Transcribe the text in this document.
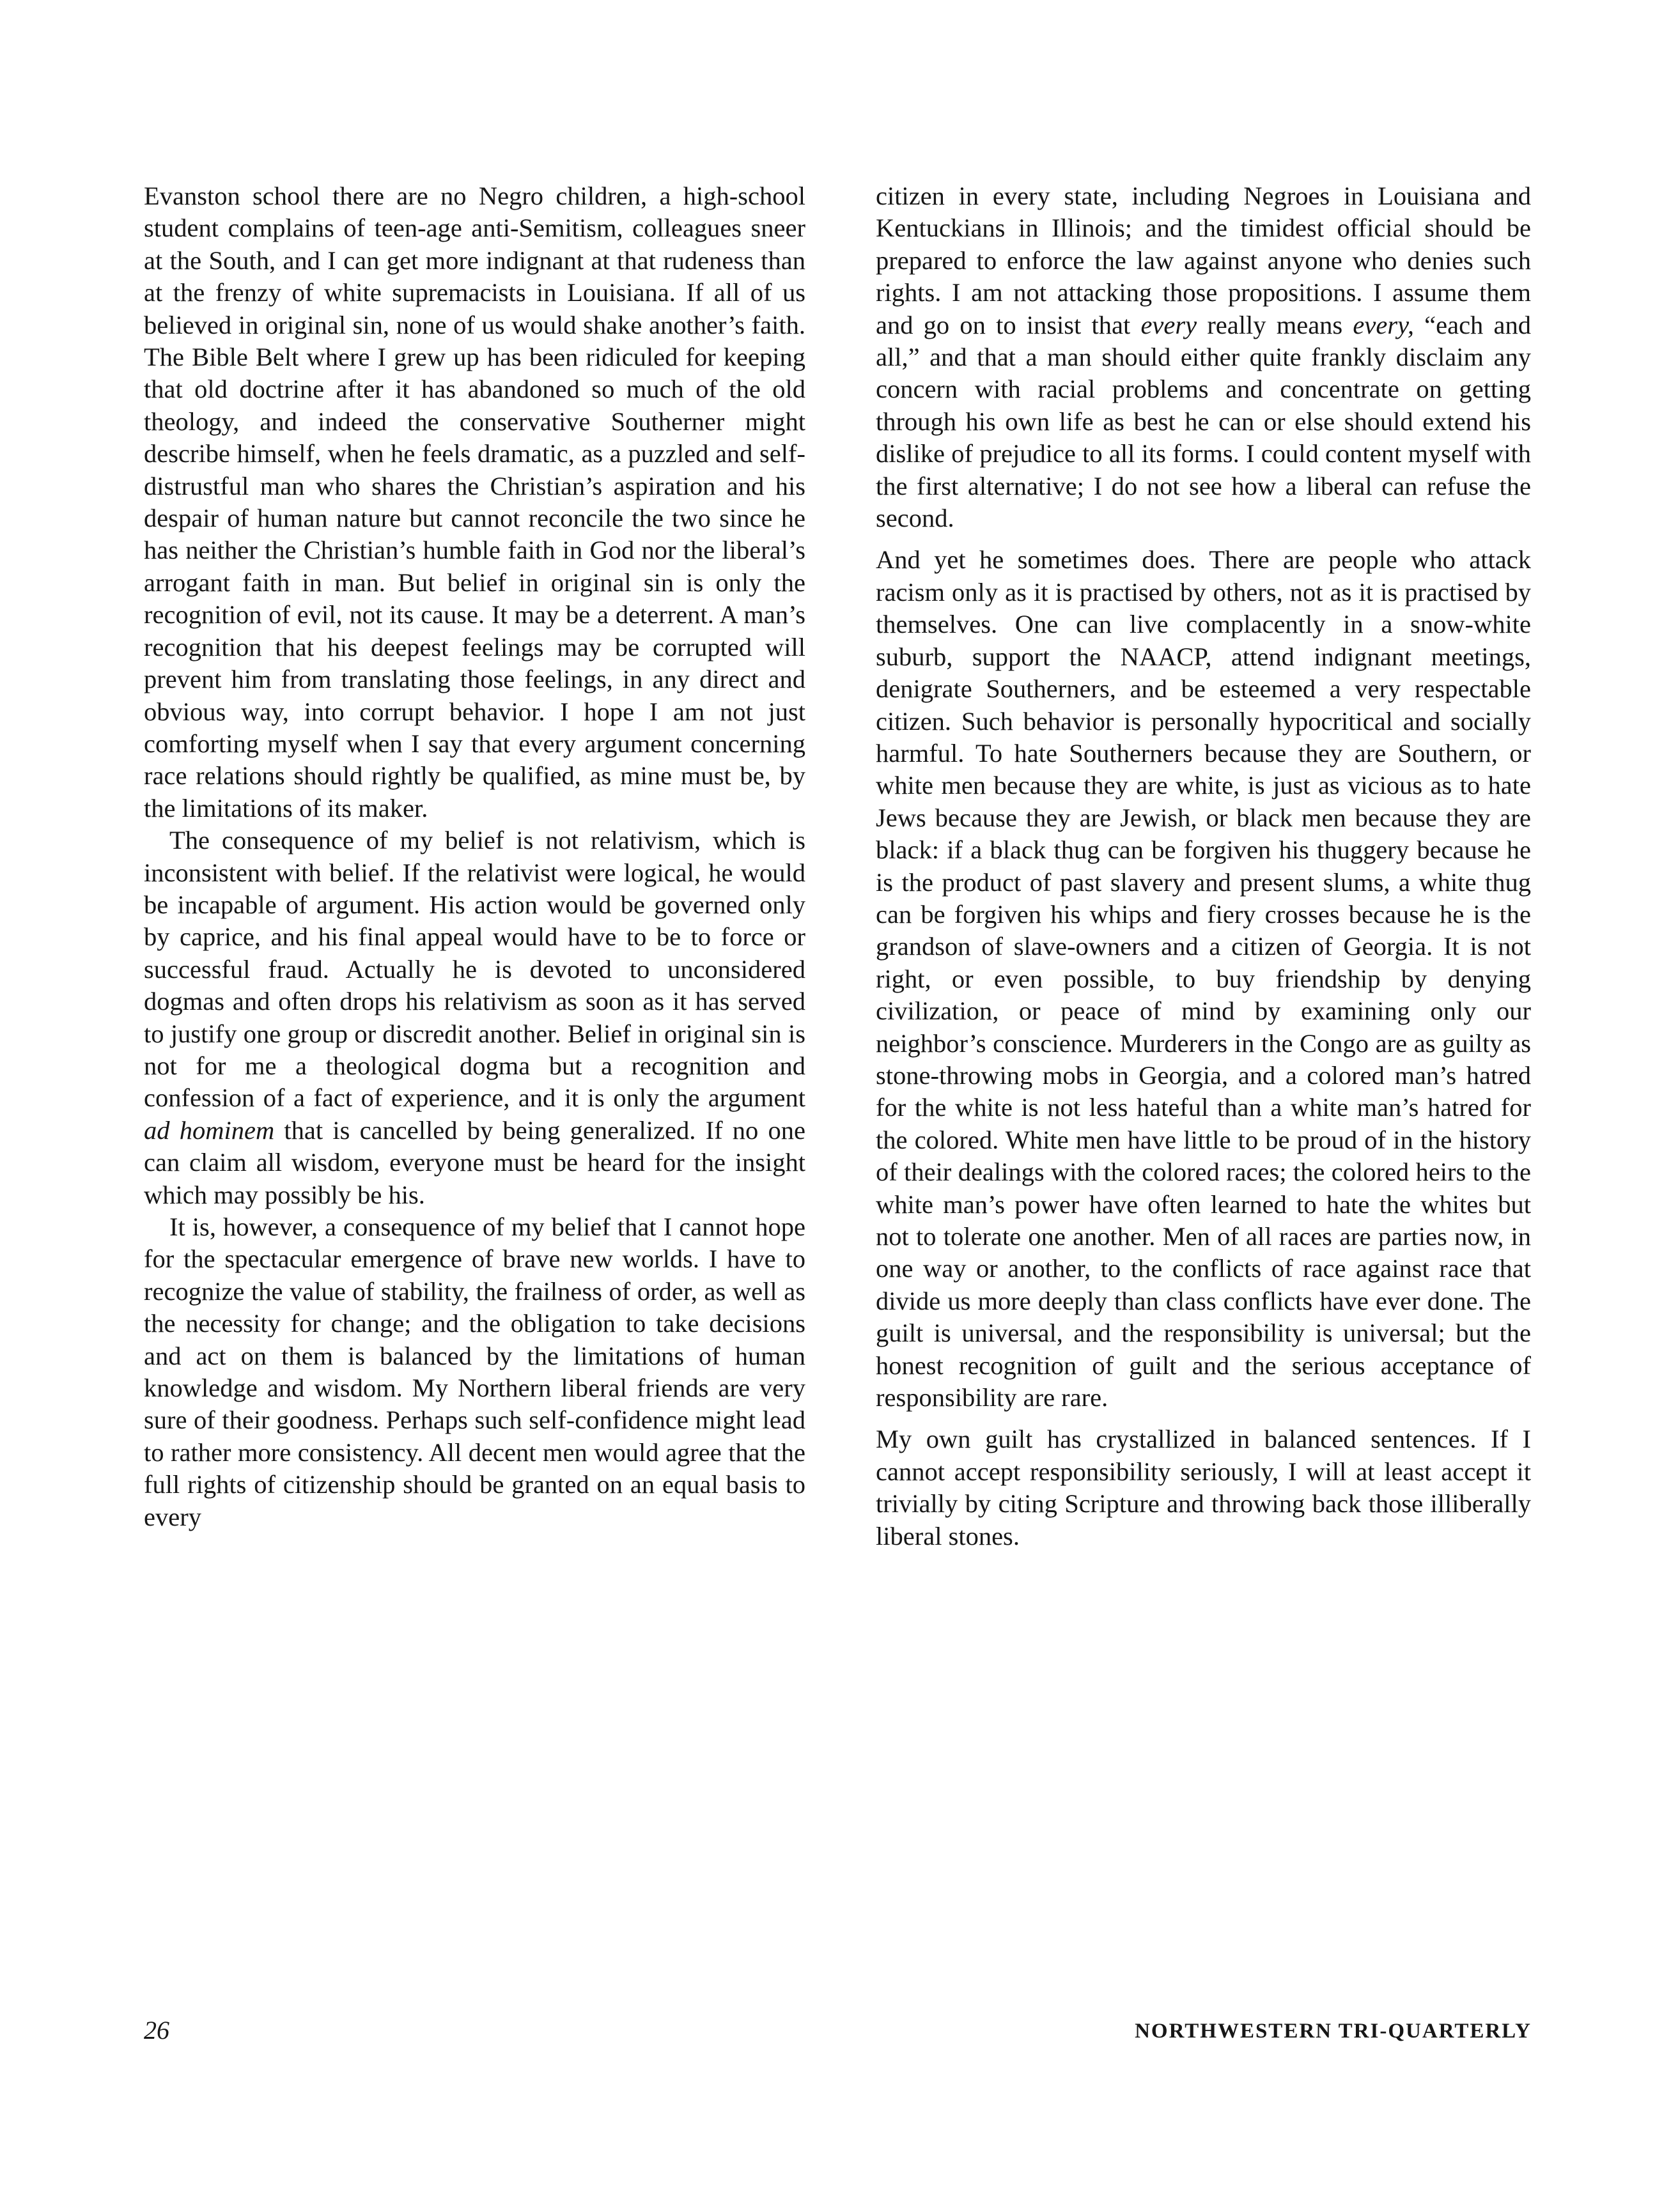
Evanston school there are no Negro children, a high-school student complains of teen-age anti-Semitism, colleagues sneer at the South, and I can get more indignant at that rudeness than at the frenzy of white supremacists in Louisiana. If all of us believed in original sin, none of us would shake another’s faith. The Bible Belt where I grew up has been ridiculed for keeping that old doctrine after it has abandoned so much of the old theology, and indeed the conservative Southerner might describe himself, when he feels dramatic, as a puzzled and self-distrustful man who shares the Christian’s aspiration and his despair of human nature but cannot reconcile the two since he has neither the Christian’s humble faith in God nor the liberal’s arrogant faith in man. But belief in original sin is only the recognition of evil, not its cause. It may be a deterrent. A man’s recognition that his deepest feelings may be corrupted will prevent him from translating those feelings, in any direct and obvious way, into corrupt behavior. I hope I am not just comforting myself when I say that every argument concerning race relations should rightly be qualified, as mine must be, by the limitations of its maker.

The consequence of my belief is not relativism, which is inconsistent with belief. If the relativist were logical, he would be incapable of argument. His action would be governed only by caprice, and his final appeal would have to be to force or successful fraud. Actually he is devoted to unconsidered dogmas and often drops his relativism as soon as it has served to justify one group or discredit another. Belief in original sin is not for me a theological dogma but a recognition and confession of a fact of experience, and it is only the argument ad hominem that is cancelled by being generalized. If no one can claim all wisdom, everyone must be heard for the insight which may possibly be his.

It is, however, a consequence of my belief that I cannot hope for the spectacular emergence of brave new worlds. I have to recognize the value of stability, the frailness of order, as well as the necessity for change; and the obligation to take decisions and act on them is balanced by the limitations of human knowledge and wisdom. My Northern liberal friends are very sure of their goodness. Perhaps such self-confidence might lead to rather more consistency. All decent men would agree that the full rights of citizenship should be granted on an equal basis to every

citizen in every state, including Negroes in Louisiana and Kentuckians in Illinois; and the timidest official should be prepared to enforce the law against anyone who denies such rights. I am not attacking those propositions. I assume them and go on to insist that every really means every, “each and all,” and that a man should either quite frankly disclaim any concern with racial problems and concentrate on getting through his own life as best he can or else should extend his dislike of prejudice to all its forms. I could content myself with the first alternative; I do not see how a liberal can refuse the second.

And yet he sometimes does. There are people who attack racism only as it is practised by others, not as it is practised by themselves. One can live complacently in a snow-white suburb, support the NAACP, attend indignant meetings, denigrate Southerners, and be esteemed a very respectable citizen. Such behavior is personally hypocritical and socially harmful. To hate Southerners because they are Southern, or white men because they are white, is just as vicious as to hate Jews because they are Jewish, or black men because they are black: if a black thug can be forgiven his thuggery because he is the product of past slavery and present slums, a white thug can be forgiven his whips and fiery crosses because he is the grandson of slave-owners and a citizen of Georgia. It is not right, or even possible, to buy friendship by denying civilization, or peace of mind by examining only our neighbor’s conscience. Murderers in the Congo are as guilty as stone-throwing mobs in Georgia, and a colored man’s hatred for the white is not less hateful than a white man’s hatred for the colored. White men have little to be proud of in the history of their dealings with the colored races; the colored heirs to the white man’s power have often learned to hate the whites but not to tolerate one another. Men of all races are parties now, in one way or another, to the conflicts of race against race that divide us more deeply than class conflicts have ever done. The guilt is universal, and the responsibility is universal; but the honest recognition of guilt and the serious acceptance of responsibility are rare.

My own guilt has crystallized in balanced sentences. If I cannot accept responsibility seriously, I will at least accept it trivially by citing Scripture and throwing back those illiberally liberal stones.

26	NORTHWESTERN TRI-QUARTERLY
